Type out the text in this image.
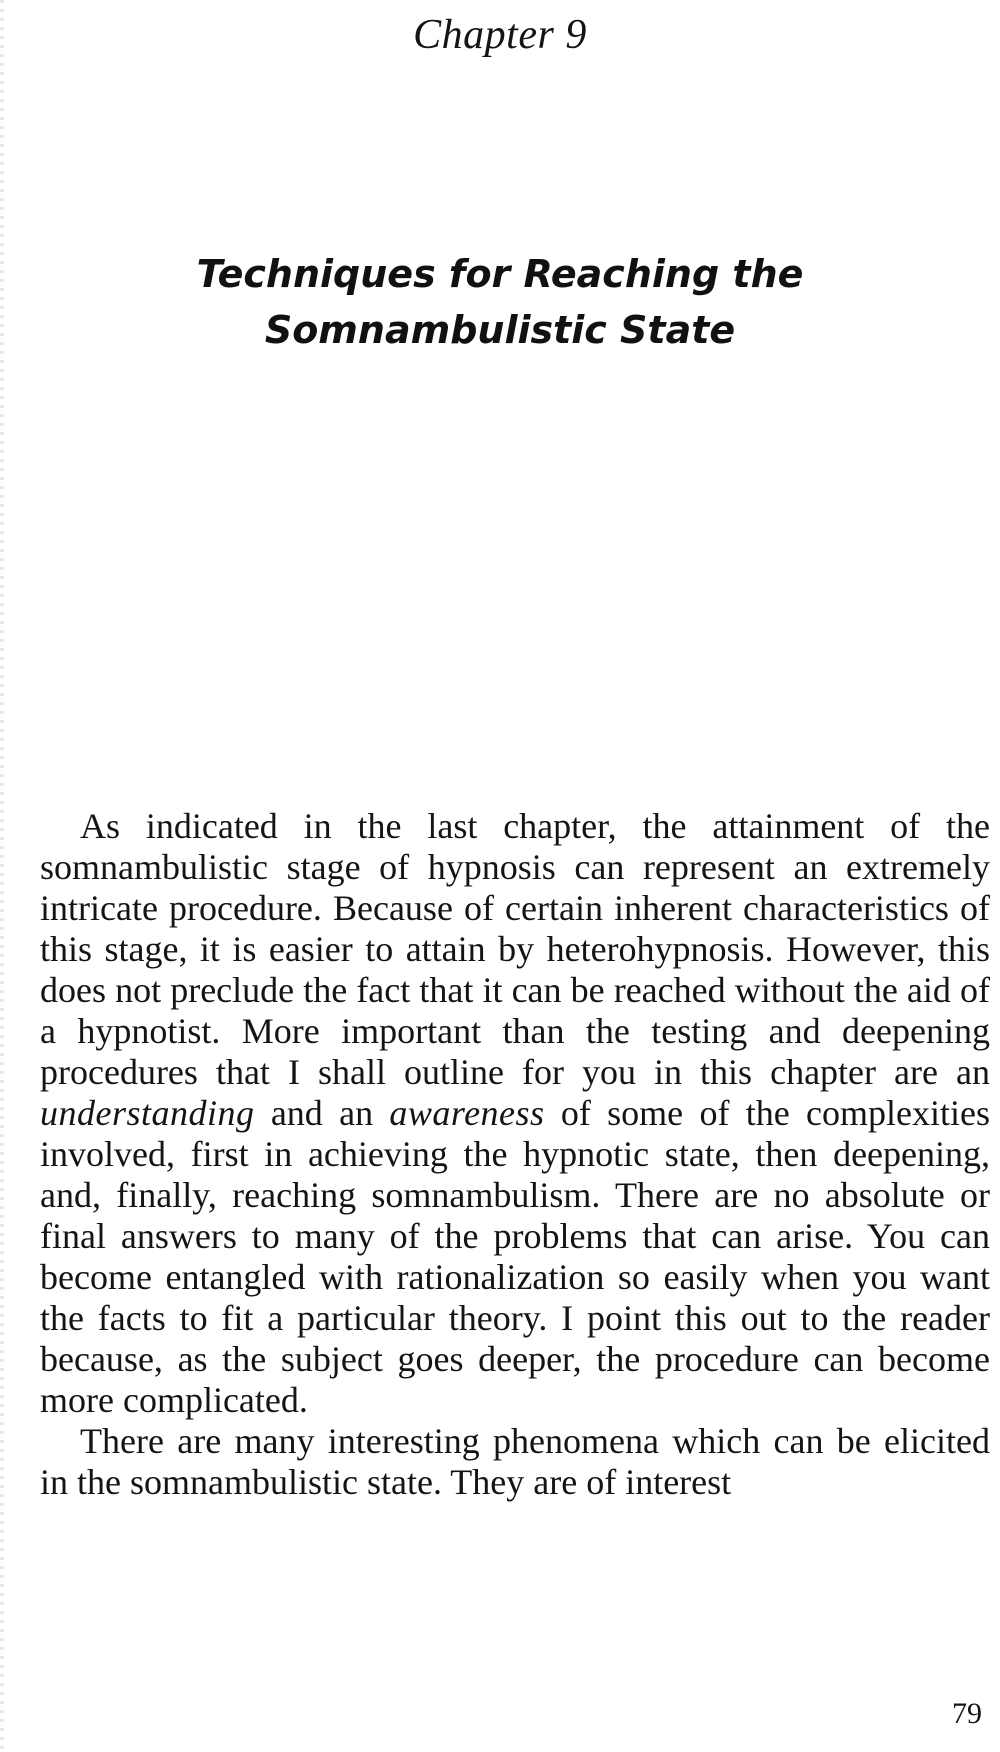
Chapter 9
Techniques for Reaching the
Somnambulistic State

As indicated in the last chapter, the attainment of the somnambulistic stage of hypnosis can represent an extremely intricate procedure. Because of certain inherent characteristics of this stage, it is easier to attain by heterohypnosis. However, this does not preclude the fact that it can be reached without the aid of a hypnotist. More important than the testing and deepening procedures that I shall outline for you in this chapter are an understanding and an awareness of some of the complexities involved, first in achieving the hypnotic state, then deepening, and, finally, reaching somnambulism. There are no absolute or final answers to many of the problems that can arise. You can become entangled with rationalization so easily when you want the facts to fit a particular theory. I point this out to the reader because, as the subject goes deeper, the procedure can become more complicated.

There are many interesting phenomena which can be elicited in the somnambulistic state. They are of interest

79
